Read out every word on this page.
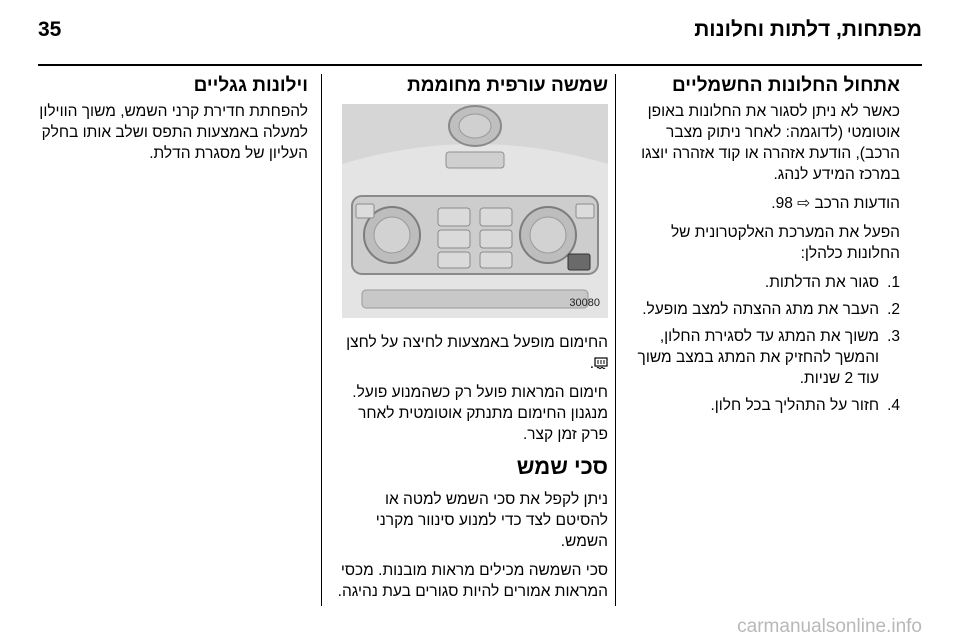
35	מפתחות, דלתות וחלונות
אתחול החלונות החשמליים

כאשר לא ניתן לסגור את החלונות באופן אוטומטי (לדוגמה: לאחר ניתוק מצבר הרכב), הודעת אזהרה או קוד אזהרה יוצגו במרכז המידע לנהג.

הודעות הרכב ⇨ 98.

הפעל את המערכת האלקטרונית של החלונות כלהלן:

1.
סגור את הדלתות.
2.
העבר את מתג ההצתה למצב מופעל.
3.
משוך את המתג עד לסגירת החלון, והמשך להחזיק את המתג במצב משוך עוד 2 שניות.
4.
חזור על התהליך בכל חלון.
שמשה עורפית מחוממת
30080

החימום מופעל באמצעות לחיצה על לחצן .

חימום המראות פועל רק כשהמנוע פועל. מנגנון החימום מתנתק אוטומטית לאחר פרק זמן קצר.

סכי שמש

ניתן לקפל את סכי השמש למטה או להסיטם לצד כדי למנוע סינוור מקרני השמש.

סכי השמשה מכילים מראות מובנות. מכסי המראות אמורים להיות סגורים בעת נהיגה.

וילונות גגליים

להפחתת חדירת קרני השמש, משוך הווילון למעלה באמצעות התפס ושלב אותו בחלק העליון של מסגרת הדלת.

carmanualsonline.info
